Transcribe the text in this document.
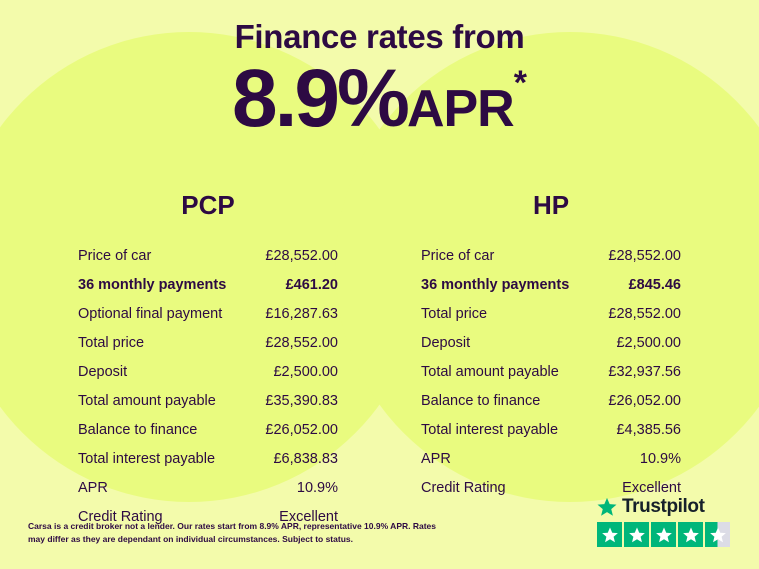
Finance rates from
8.9%APR*
PCP
Price of car	£28,552.00
36 monthly payments	£461.20
Optional final payment	£16,287.63
Total price	£28,552.00
Deposit	£2,500.00
Total amount payable	£35,390.83
Balance to finance	£26,052.00
Total interest payable	£6,838.83
APR	10.9%
Credit Rating	Excellent
HP
Price of car	£28,552.00
36 monthly payments	£845.46
Total price	£28,552.00
Deposit	£2,500.00
Total amount payable	£32,937.56
Balance to finance	£26,052.00
Total interest payable	£4,385.56
APR	10.9%
Credit Rating	Excellent
Carsa is a credit broker not a lender. Our rates start from 8.9% APR, representative 10.9% APR. Rates may differ as they are dependant on individual circumstances. Subject to status.
Trustpilot
